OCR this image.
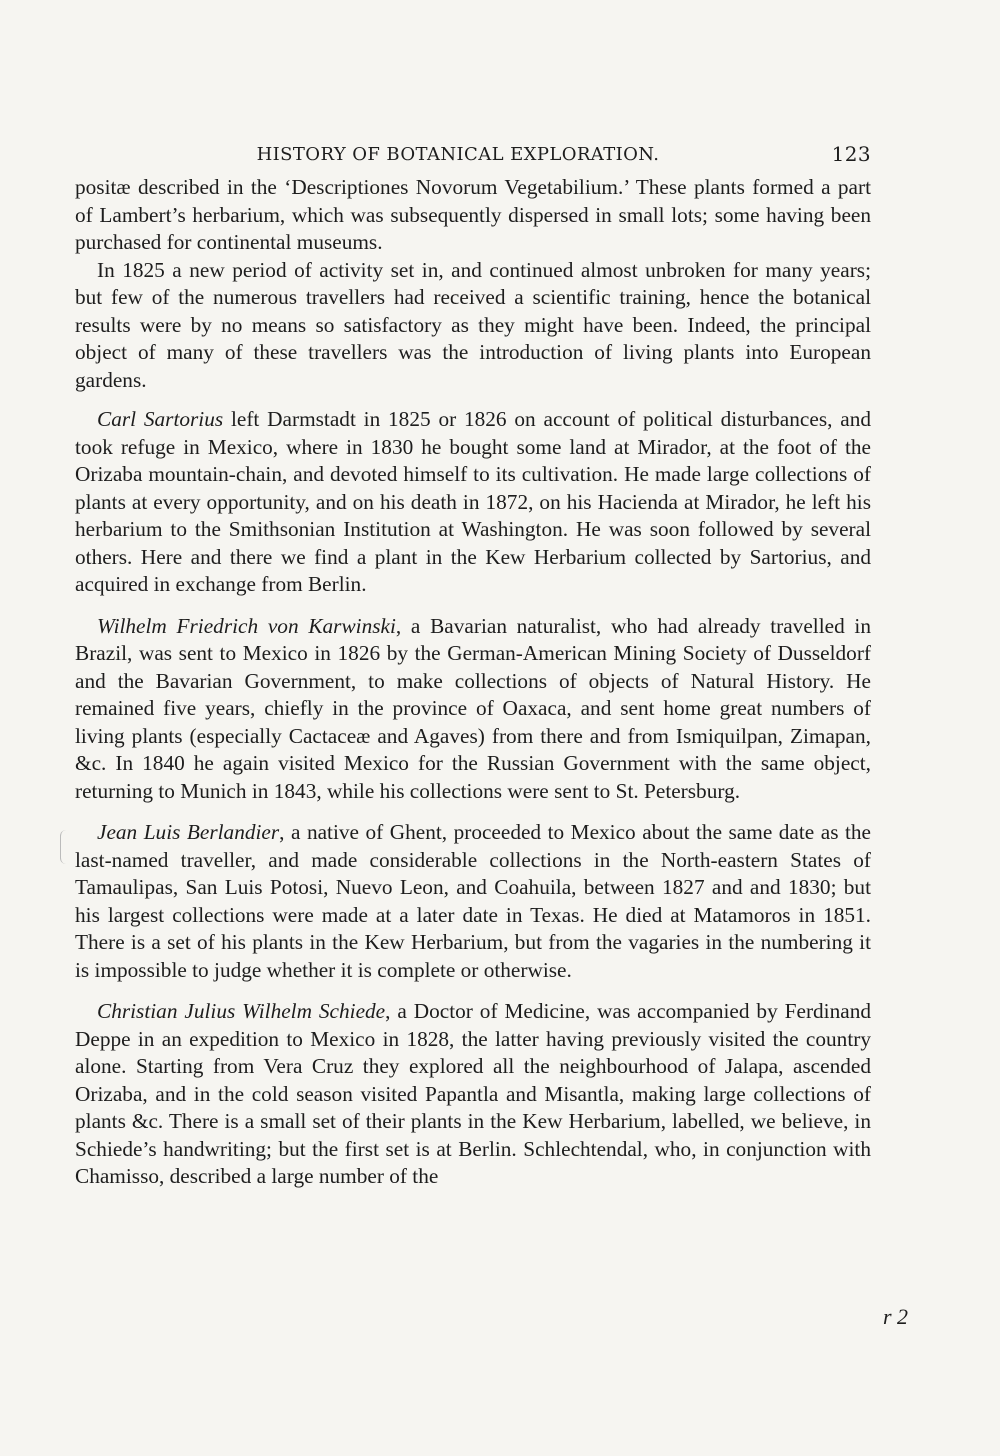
HISTORY OF BOTANICAL EXPLORATION.	123

positæ described in the ‘Descriptiones Novorum Vegetabilium.’ These plants formed a part of Lambert’s herbarium, which was subsequently dispersed in small lots; some having been purchased for continental museums.

In 1825 a new period of activity set in, and continued almost unbroken for many years; but few of the numerous travellers had received a scientific training, hence the botanical results were by no means so satisfactory as they might have been. Indeed, the principal object of many of these travellers was the introduction of living plants into European gardens.

Carl Sartorius left Darmstadt in 1825 or 1826 on account of political disturbances, and took refuge in Mexico, where in 1830 he bought some land at Mirador, at the foot of the Orizaba mountain-chain, and devoted himself to its cultivation. He made large collections of plants at every opportunity, and on his death in 1872, on his Hacienda at Mirador, he left his herbarium to the Smithsonian Institution at Washington. He was soon followed by several others. Here and there we find a plant in the Kew Herbarium collected by Sartorius, and acquired in exchange from Berlin.

Wilhelm Friedrich von Karwinski, a Bavarian naturalist, who had already travelled in Brazil, was sent to Mexico in 1826 by the German-American Mining Society of Dusseldorf and the Bavarian Government, to make collections of objects of Natural History. He remained five years, chiefly in the province of Oaxaca, and sent home great numbers of living plants (especially Cactaceæ and Agaves) from there and from Ismiquilpan, Zimapan, &c. In 1840 he again visited Mexico for the Russian Government with the same object, returning to Munich in 1843, while his collections were sent to St. Petersburg.

Jean Luis Berlandier, a native of Ghent, proceeded to Mexico about the same date as the last-named traveller, and made considerable collections in the North-eastern States of Tamaulipas, San Luis Potosi, Nuevo Leon, and Coahuila, between 1827 and and 1830; but his largest collections were made at a later date in Texas. He died at Matamoros in 1851. There is a set of his plants in the Kew Herbarium, but from the vagaries in the numbering it is impossible to judge whether it is complete or otherwise.

Christian Julius Wilhelm Schiede, a Doctor of Medicine, was accompanied by Ferdinand Deppe in an expedition to Mexico in 1828, the latter having previously visited the country alone. Starting from Vera Cruz they explored all the neighbourhood of Jalapa, ascended Orizaba, and in the cold season visited Papantla and Misantla, making large collections of plants &c. There is a small set of their plants in the Kew Herbarium, labelled, we believe, in Schiede’s handwriting; but the first set is at Berlin. Schlechtendal, who, in conjunction with Chamisso, described a large number of the

r 2
